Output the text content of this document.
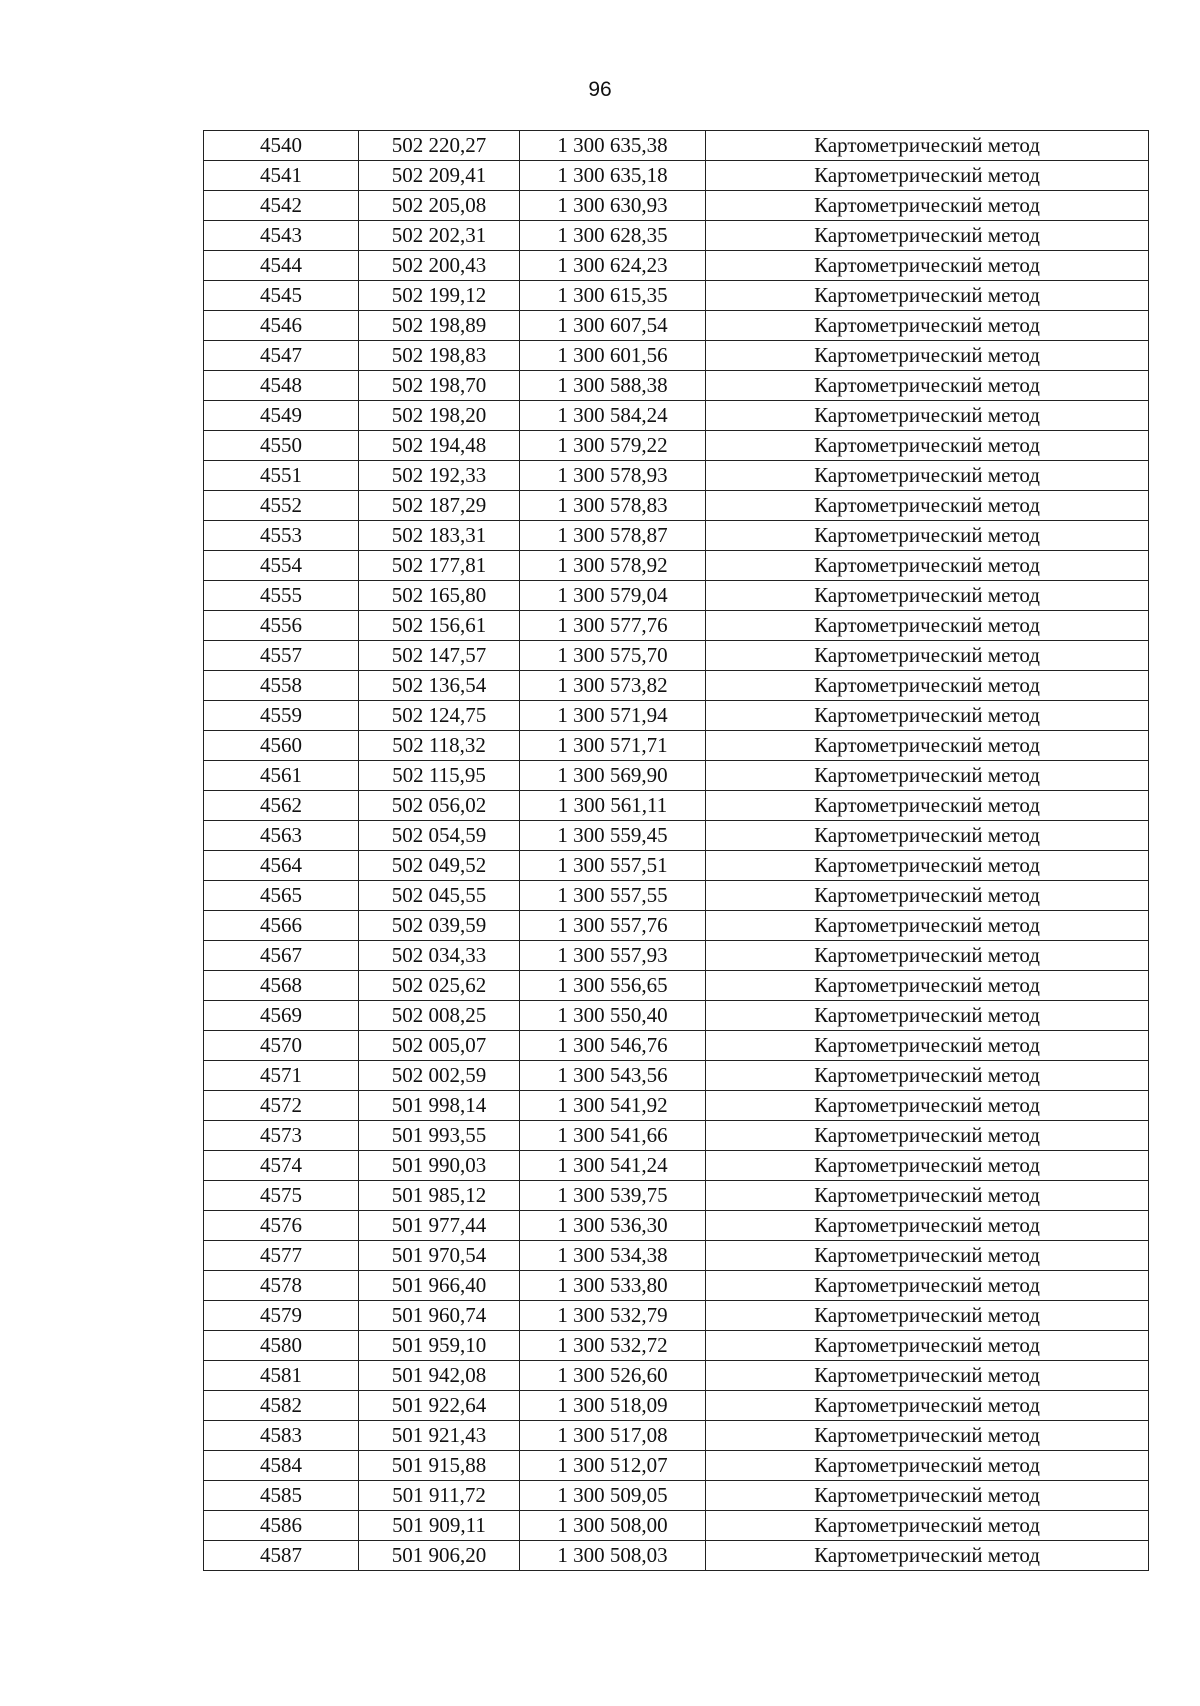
96
4540	502 220,27	1 300 635,38	Картометрический метод
4541	502 209,41	1 300 635,18	Картометрический метод
4542	502 205,08	1 300 630,93	Картометрический метод
4543	502 202,31	1 300 628,35	Картометрический метод
4544	502 200,43	1 300 624,23	Картометрический метод
4545	502 199,12	1 300 615,35	Картометрический метод
4546	502 198,89	1 300 607,54	Картометрический метод
4547	502 198,83	1 300 601,56	Картометрический метод
4548	502 198,70	1 300 588,38	Картометрический метод
4549	502 198,20	1 300 584,24	Картометрический метод
4550	502 194,48	1 300 579,22	Картометрический метод
4551	502 192,33	1 300 578,93	Картометрический метод
4552	502 187,29	1 300 578,83	Картометрический метод
4553	502 183,31	1 300 578,87	Картометрический метод
4554	502 177,81	1 300 578,92	Картометрический метод
4555	502 165,80	1 300 579,04	Картометрический метод
4556	502 156,61	1 300 577,76	Картометрический метод
4557	502 147,57	1 300 575,70	Картометрический метод
4558	502 136,54	1 300 573,82	Картометрический метод
4559	502 124,75	1 300 571,94	Картометрический метод
4560	502 118,32	1 300 571,71	Картометрический метод
4561	502 115,95	1 300 569,90	Картометрический метод
4562	502 056,02	1 300 561,11	Картометрический метод
4563	502 054,59	1 300 559,45	Картометрический метод
4564	502 049,52	1 300 557,51	Картометрический метод
4565	502 045,55	1 300 557,55	Картометрический метод
4566	502 039,59	1 300 557,76	Картометрический метод
4567	502 034,33	1 300 557,93	Картометрический метод
4568	502 025,62	1 300 556,65	Картометрический метод
4569	502 008,25	1 300 550,40	Картометрический метод
4570	502 005,07	1 300 546,76	Картометрический метод
4571	502 002,59	1 300 543,56	Картометрический метод
4572	501 998,14	1 300 541,92	Картометрический метод
4573	501 993,55	1 300 541,66	Картометрический метод
4574	501 990,03	1 300 541,24	Картометрический метод
4575	501 985,12	1 300 539,75	Картометрический метод
4576	501 977,44	1 300 536,30	Картометрический метод
4577	501 970,54	1 300 534,38	Картометрический метод
4578	501 966,40	1 300 533,80	Картометрический метод
4579	501 960,74	1 300 532,79	Картометрический метод
4580	501 959,10	1 300 532,72	Картометрический метод
4581	501 942,08	1 300 526,60	Картометрический метод
4582	501 922,64	1 300 518,09	Картометрический метод
4583	501 921,43	1 300 517,08	Картометрический метод
4584	501 915,88	1 300 512,07	Картометрический метод
4585	501 911,72	1 300 509,05	Картометрический метод
4586	501 909,11	1 300 508,00	Картометрический метод
4587	501 906,20	1 300 508,03	Картометрический метод
